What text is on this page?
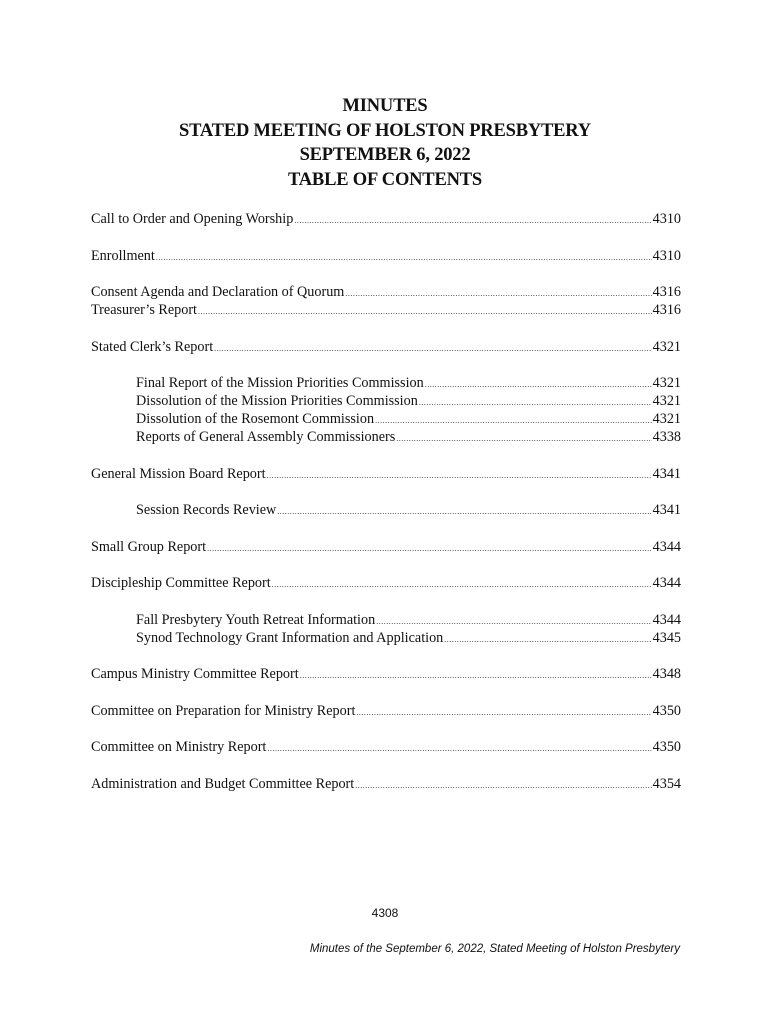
MINUTES
STATED MEETING OF HOLSTON PRESBYTERY
SEPTEMBER 6, 2022
TABLE OF CONTENTS
Call to Order and Opening Worship .....	4310
Enrollment .....	4310
Consent Agenda and Declaration of Quorum .....	4316
Treasurer’s Report .....	4316
Stated Clerk’s Report .....	4321
Final Report of the Mission Priorities Commission .....	4321
Dissolution of the Mission Priorities Commission .....	4321
Dissolution of the Rosemont Commission .....	4321
Reports of General Assembly Commissioners .....	4338
General Mission Board Report .....	4341
Session Records Review .....	4341
Small Group Report .....	4344
Discipleship Committee Report .....	4344
Fall Presbytery Youth Retreat Information .....	4344
Synod Technology Grant Information and Application .....	4345
Campus Ministry Committee Report .....	4348
Committee on Preparation for Ministry Report .....	4350
Committee on Ministry Report .....	4350
Administration and Budget Committee Report .....	4354
4308
Minutes of the September 6, 2022, Stated Meeting of Holston Presbytery
